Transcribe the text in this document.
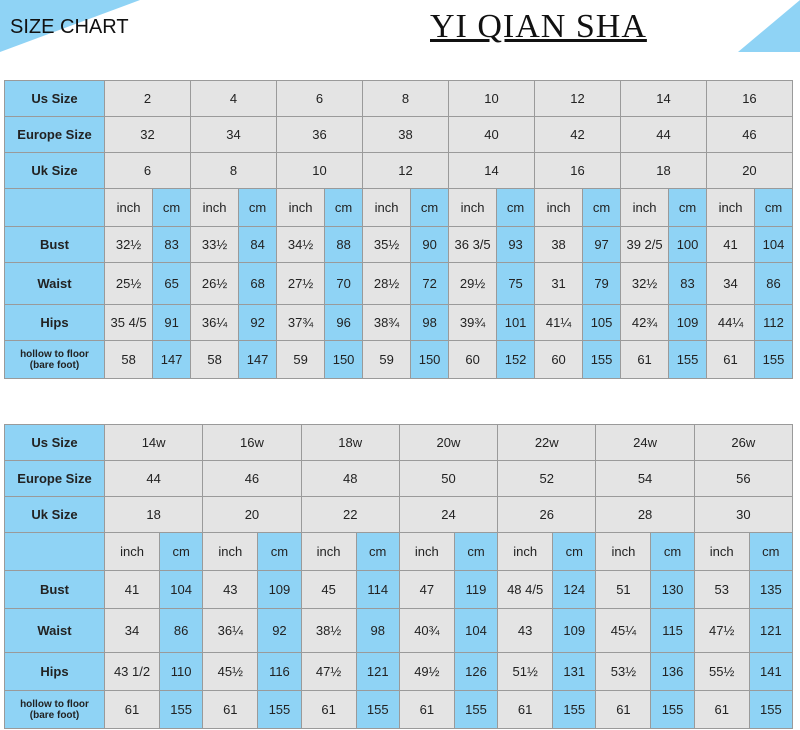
SIZE CHART	YI QIAN SHA
Us Size	2		4		6		8		10		12		14		16	
Europe Size	32		34		36		38		40		42		44		46	
Uk Size	6		8		10		12		14		16		18		20	
	inch	cm	inch	cm	inch	cm	inch	cm	inch	cm	inch	cm	inch	cm	inch	cm
Bust	32½	83	33½	84	34½	88	35½	90	36 3/5	93	38	97	39 2/5	100	41	104
Waist	25½	65	26½	68	27½	70	28½	72	29½	75	31	79	32½	83	34	86
Hips	35 4/5	91	36¼	92	37¾	96	38¾	98	39¾	101	41¼	105	42¾	109	44¼	112

hollow to floor
(bare foot)	58	147	58	147	59	150	59	150	60	152	60	155	61	155	61	155
Us Size	14w		16w		18w		20w		22w		24w		26w	
Europe Size	44		46		48		50		52		54		56	
Uk Size	18		20		22		24		26		28		30	
	inch	cm	inch	cm	inch	cm	inch	cm	inch	cm	inch	cm	inch	cm
Bust	41	104	43	109	45	114	47	119	48 4/5	124	51	130	53	135
Waist	34	86	36¼	92	38½	98	40¾	104	43	109	45¼	115	47½	121
Hips	43 1/2	110	45½	116	47½	121	49½	126	51½	131	53½	136	55½	141

hollow to floor
(bare foot)	61	155	61	155	61	155	61	155	61	155	61	155	61	155
